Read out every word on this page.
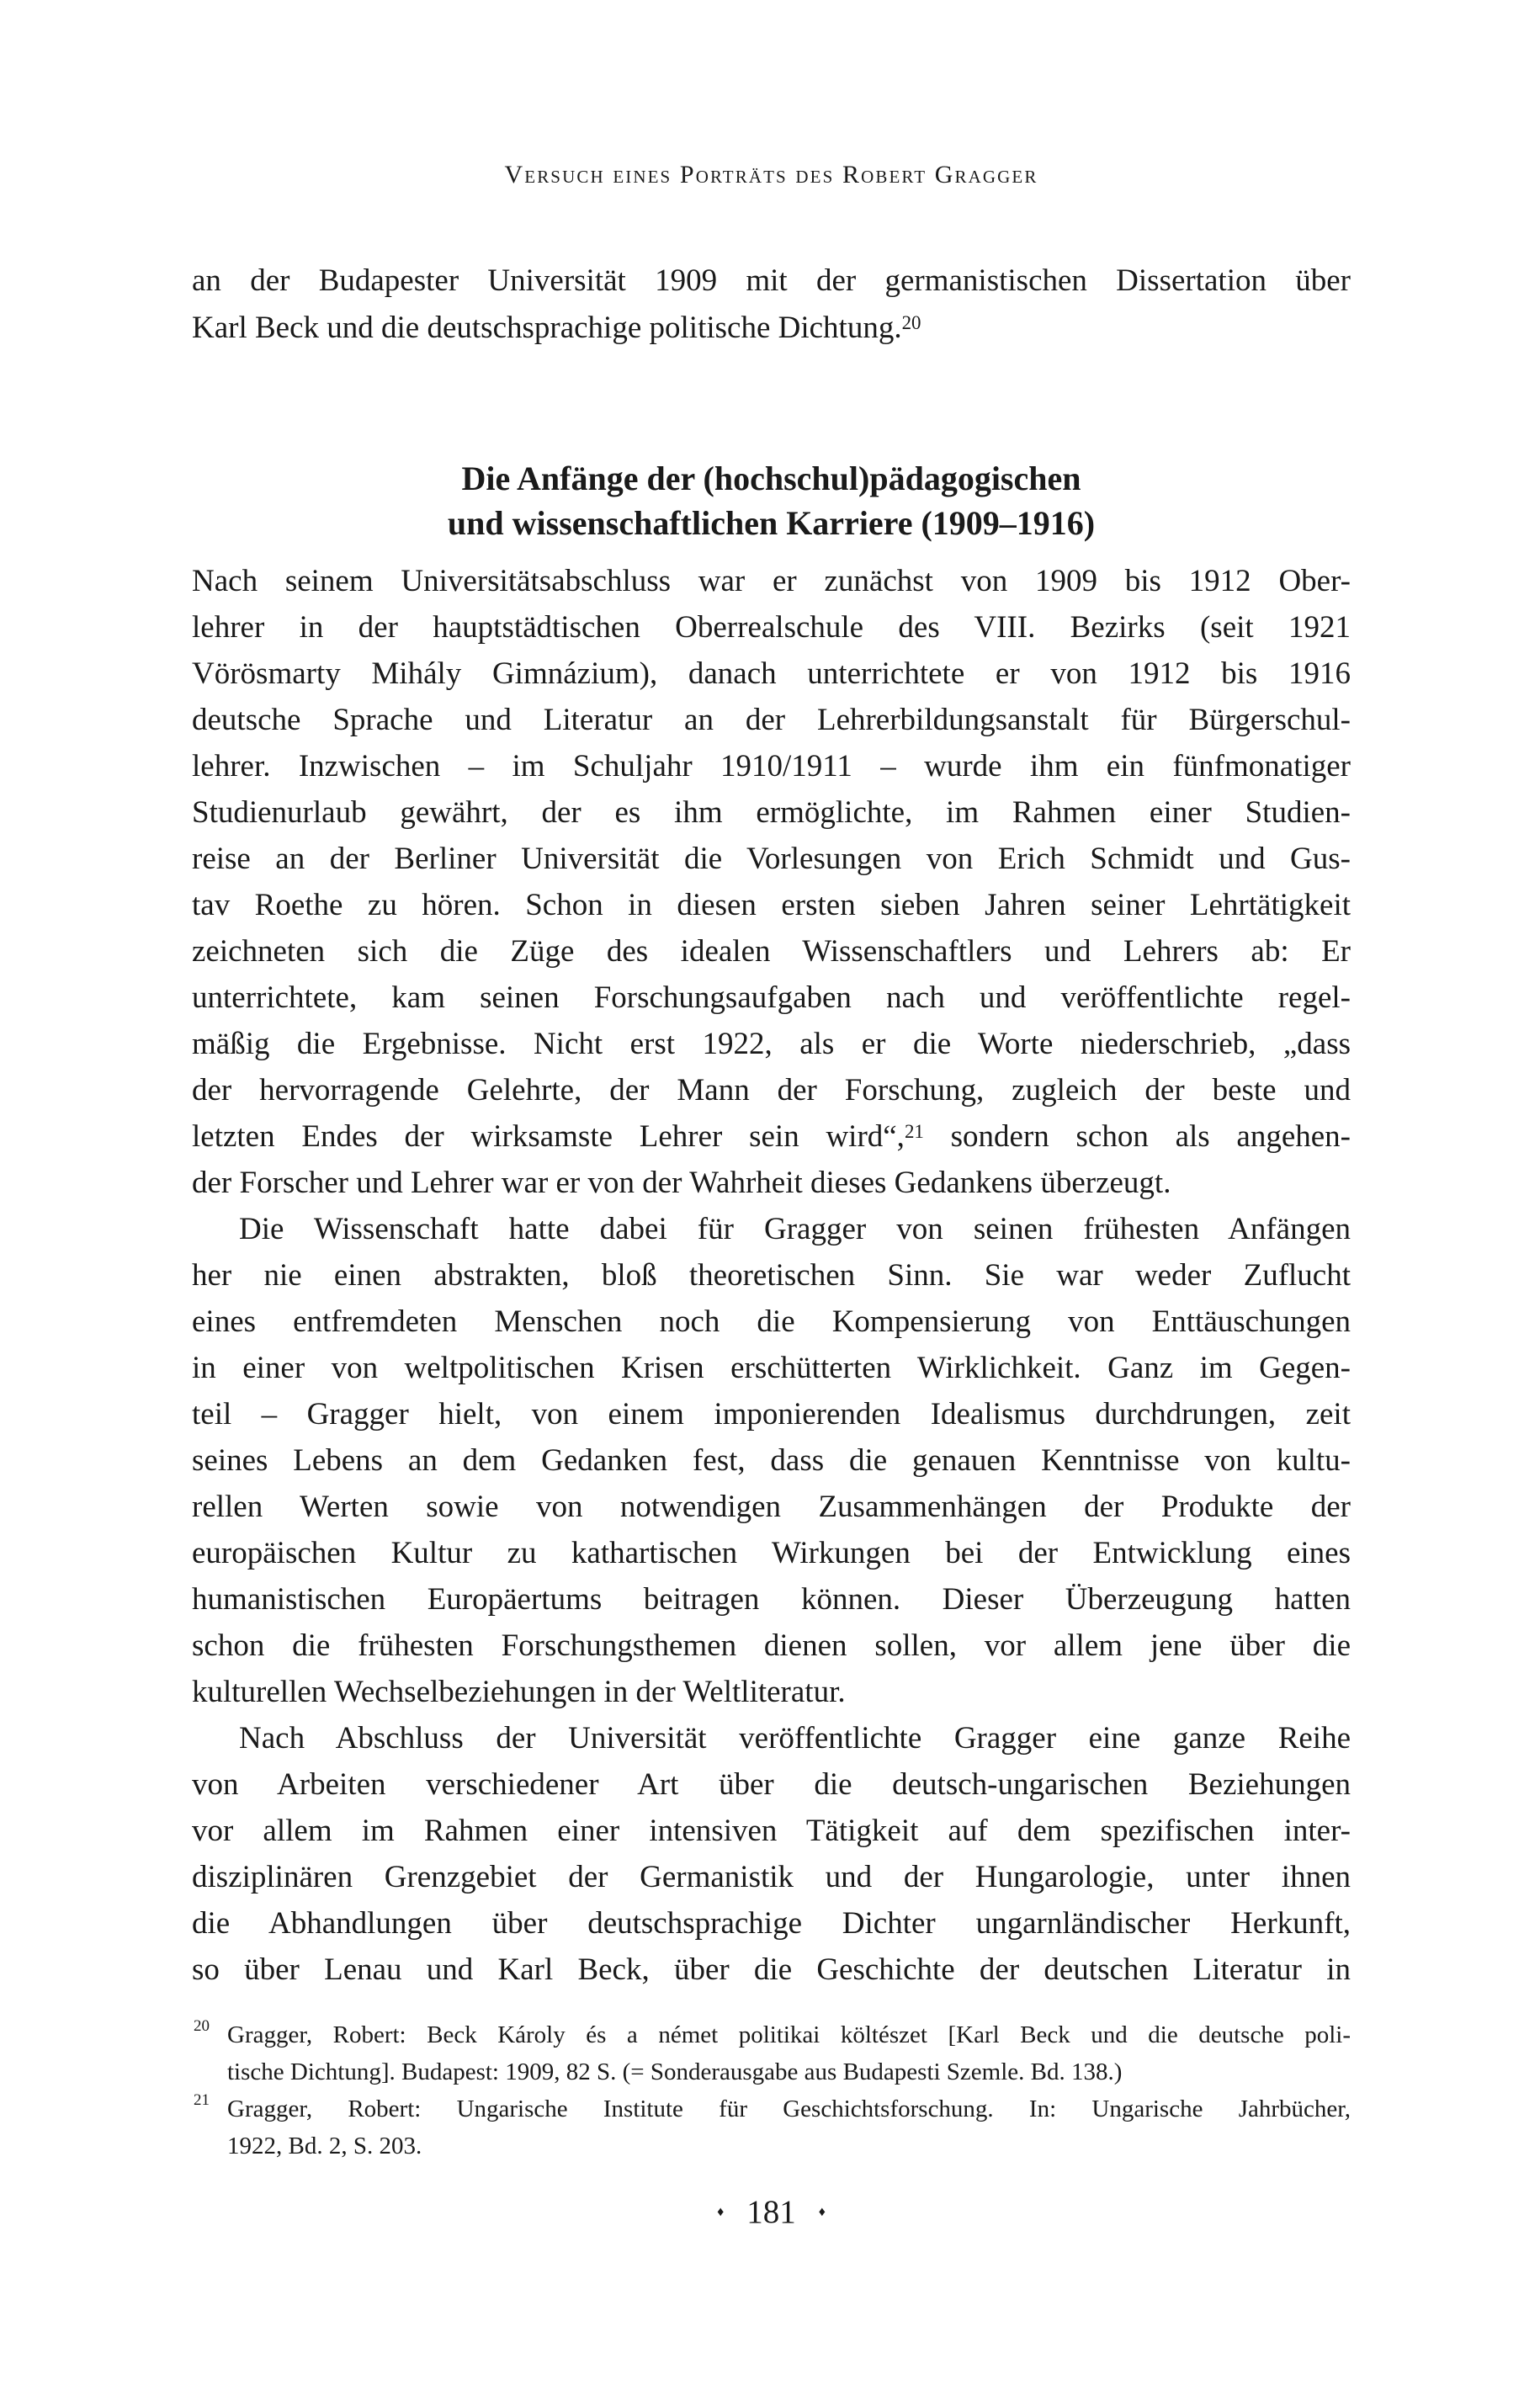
Versuch eines Porträts des Robert Gragger
an der Budapester Universität 1909 mit der germanistischen Dissertation über
Karl Beck und die deutschsprachige politische Dichtung.$^{20}$
Die Anfänge der (hochschul)pädagogischen
und wissenschaftlichen Karriere (1909–1916)
Nach seinem Universitätsabschluss war er zunächst von 1909 bis 1912 Ober-
lehrer in der hauptstädtischen Oberrealschule des VIII. Bezirks (seit 1921
Vörösmarty Mihály Gimnázium), danach unterrichtete er von 1912 bis 1916
deutsche Sprache und Literatur an der Lehrerbildungsanstalt für Bürgerschul-
lehrer. Inzwischen – im Schuljahr 1910/1911 – wurde ihm ein fünfmonatiger
Studienurlaub gewährt, der es ihm ermöglichte, im Rahmen einer Studien-
reise an der Berliner Universität die Vorlesungen von Erich Schmidt und Gus-
tav Roethe zu hören. Schon in diesen ersten sieben Jahren seiner Lehrtätigkeit
zeichneten sich die Züge des idealen Wissenschaftlers und Lehrers ab: Er
unterrichtete, kam seinen Forschungsaufgaben nach und veröffentlichte regel-
mäßig die Ergebnisse. Nicht erst 1922, als er die Worte niederschrieb, „dass
der hervorragende Gelehrte, der Mann der Forschung, zugleich der beste und
letzten Endes der wirksamste Lehrer sein wird“,$^{21}$ sondern schon als angehen-
der Forscher und Lehrer war er von der Wahrheit dieses Gedankens überzeugt.
Die Wissenschaft hatte dabei für Gragger von seinen frühesten Anfängen
her nie einen abstrakten, bloß theoretischen Sinn. Sie war weder Zuflucht
eines entfremdeten Menschen noch die Kompensierung von Enttäuschungen
in einer von weltpolitischen Krisen erschütterten Wirklichkeit. Ganz im Gegen-
teil – Gragger hielt, von einem imponierenden Idealismus durchdrungen, zeit
seines Lebens an dem Gedanken fest, dass die genauen Kenntnisse von kultu-
rellen Werten sowie von notwendigen Zusammenhängen der Produkte der
europäischen Kultur zu kathartischen Wirkungen bei der Entwicklung eines
humanistischen Europäertums beitragen können. Dieser Überzeugung hatten
schon die frühesten Forschungsthemen dienen sollen, vor allem jene über die
kulturellen Wechselbeziehungen in der Weltliteratur.
Nach Abschluss der Universität veröffentlichte Gragger eine ganze Reihe
von Arbeiten verschiedener Art über die deutsch-ungarischen Beziehungen
vor allem im Rahmen einer intensiven Tätigkeit auf dem spezifischen inter-
disziplinären Grenzgebiet der Germanistik und der Hungarologie, unter ihnen
die Abhandlungen über deutschsprachige Dichter ungarnländischer Herkunft,
so über Lenau und Karl Beck, über die Geschichte der deutschen Literatur in
20 Gragger, Robert: Beck Károly és a német politikai költészet [Karl Beck und die deutsche poli-
tische Dichtung]. Budapest: 1909, 82 S. (= Sonderausgabe aus Budapesti Szemle. Bd. 138.)
21 Gragger, Robert: Ungarische Institute für Geschichtsforschung. In: Ungarische Jahrbücher,
1922, Bd. 2, S. 203.
♦ 181 ♦
